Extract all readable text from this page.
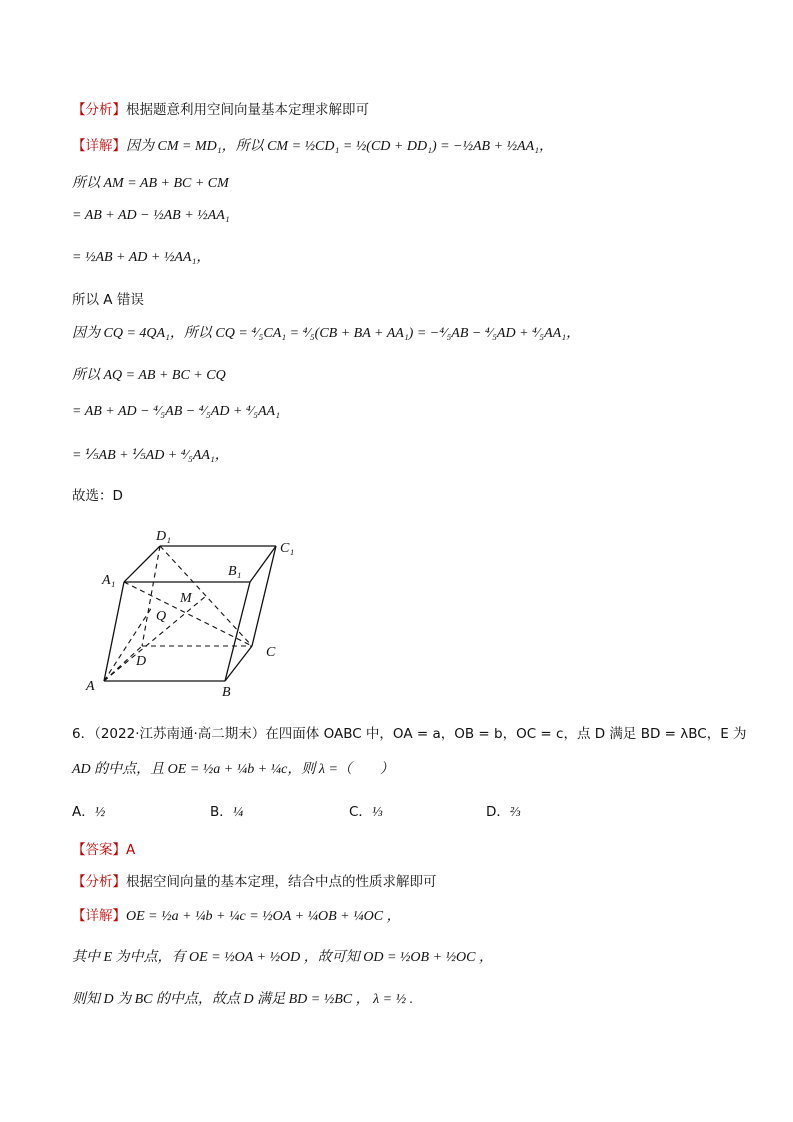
【分析】根据题意利用空间向量基本定理求解即可
【详解】因为 CM = MD₁，所以 CM = ½CD₁ = ½(CD + DD₁) = −½AB + ½AA₁，
所以 AM = AB + BC + CM
= AB + AD − ½AB + ½AA₁
= ½AB + AD + ½AA₁，
所以 A 错误
因为 CQ = 4QA₁，所以 CQ = ⁴⁄₅CA₁ = ⁴⁄₅(CB + BA + AA₁) = −⁴⁄₅AB − ⁴⁄₅AD + ⁴⁄₅AA₁，
所以 AQ = AB + BC + CQ
= AB + AD − ⁴⁄₅AB − ⁴⁄₅AD + ⁴⁄₅AA₁
= ⅕AB + ⅕AD + ⁴⁄₅AA₁，
故选：D
D₁
C₁
A₁
B₁
M
Q
C
D
A	B
6．（2022·江苏南通·高二期末）在四面体 OABC 中，OA = a，OB = b，OC = c，点 D 满足 BD = λBC，E 为
AD 的中点，且 OE = ½a + ¼b + ¼c，则 λ =（　　）
A．½	B．¼	C．⅓	D．⅔
【答案】A
【分析】根据空间向量的基本定理，结合中点的性质求解即可
【详解】OE = ½a + ¼b + ¼c = ½OA + ¼OB + ¼OC ，
其中 E 为中点，有 OE = ½OA + ½OD ，故可知 OD = ½OB + ½OC ，
则知 D 为 BC 的中点，故点 D 满足 BD = ½BC ， λ = ½ .
